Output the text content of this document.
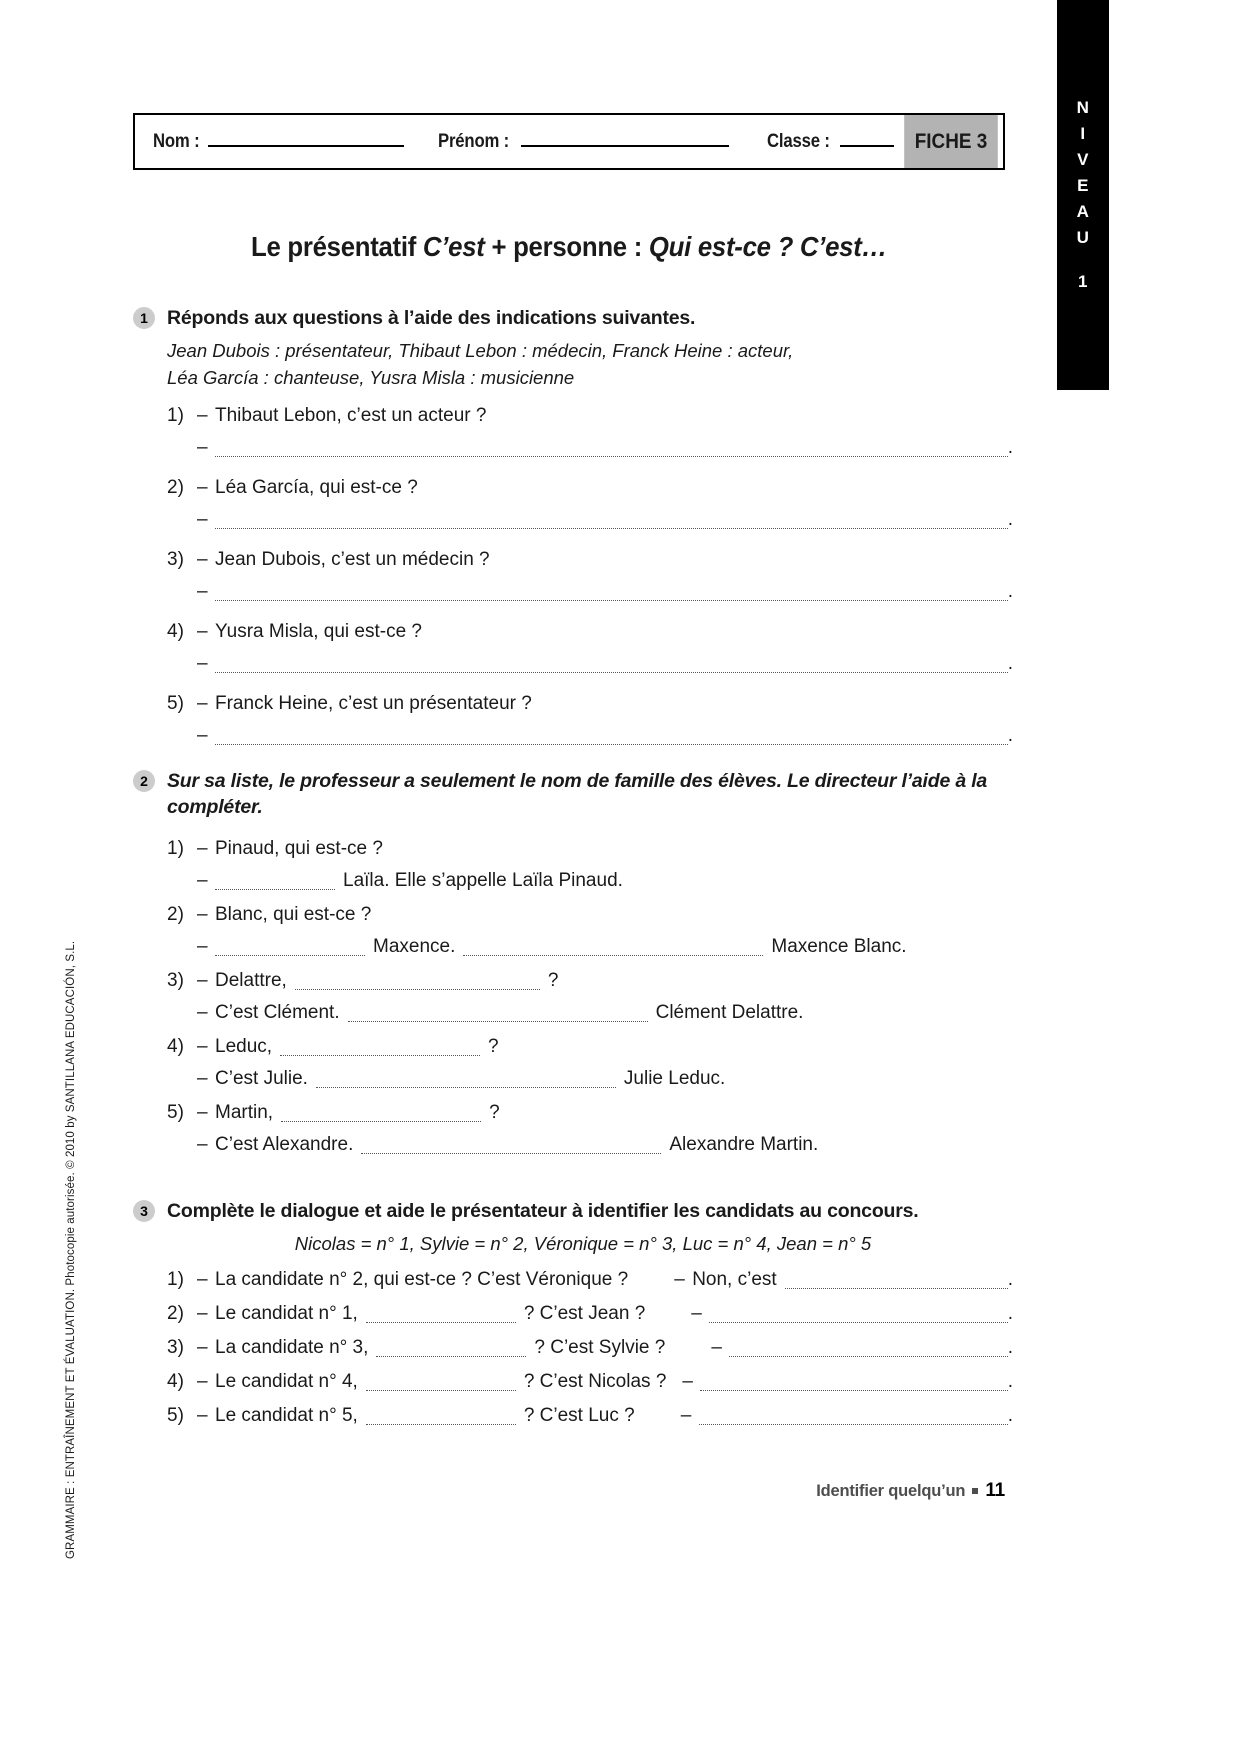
N
I
V
E
A
U
1
GRAMMAIRE : ENTRAÎNEMENT ET ÉVALUATION. Photocopie autorisée. © 2010 by SANTILLANA EDUCACIÓN, S.L.
Nom :	Prénom :	Classe :	FICHE 3
Le présentatif C’est + personne : Qui est-ce ? C’est…
1 Réponds aux questions à l’aide des indications suivantes.
Jean Dubois : présentateur, Thibaut Lebon : médecin, Franck Heine : acteur,
Léa García : chanteuse, Yusra Misla : musicienne
1) – Thibaut Lebon, c’est un acteur ?
–	.
2) – Léa García, qui est-ce ?
–	.
3) – Jean Dubois, c’est un médecin ?
–	.
4) – Yusra Misla, qui est-ce ?
–	.
5) – Franck Heine, c’est un présentateur ?
–	.
2 Sur sa liste, le professeur a seulement le nom de famille des élèves. Le directeur l’aide à la compléter.
1) – Pinaud, qui est-ce ?
–	Laïla. Elle s’appelle Laïla Pinaud.
2) – Blanc, qui est-ce ?
–	Maxence.	Maxence Blanc.
3) – Delattre,	?
– C’est Clément.	Clément Delattre.
4) – Leduc,	?
– C’est Julie.	Julie Leduc.
5) – Martin,	?
– C’est Alexandre.	Alexandre Martin.
3 Complète le dialogue et aide le présentateur à identifier les candidats au concours.
Nicolas = n° 1, Sylvie = n° 2, Véronique = n° 3, Luc = n° 4, Jean = n° 5
1) – La candidate n° 2, qui est-ce ? C’est Véronique ? – Non, c’est	.
2) – Le candidat n° 1,	? C’est Jean ? –	.
3) – La candidate n° 3,	? C’est Sylvie ? –	.
4) – Le candidat n° 4,	? C’est Nicolas ? –	.
5) – Le candidat n° 5,	? C’est Luc ? –	.
Identifier quelqu’un 11
